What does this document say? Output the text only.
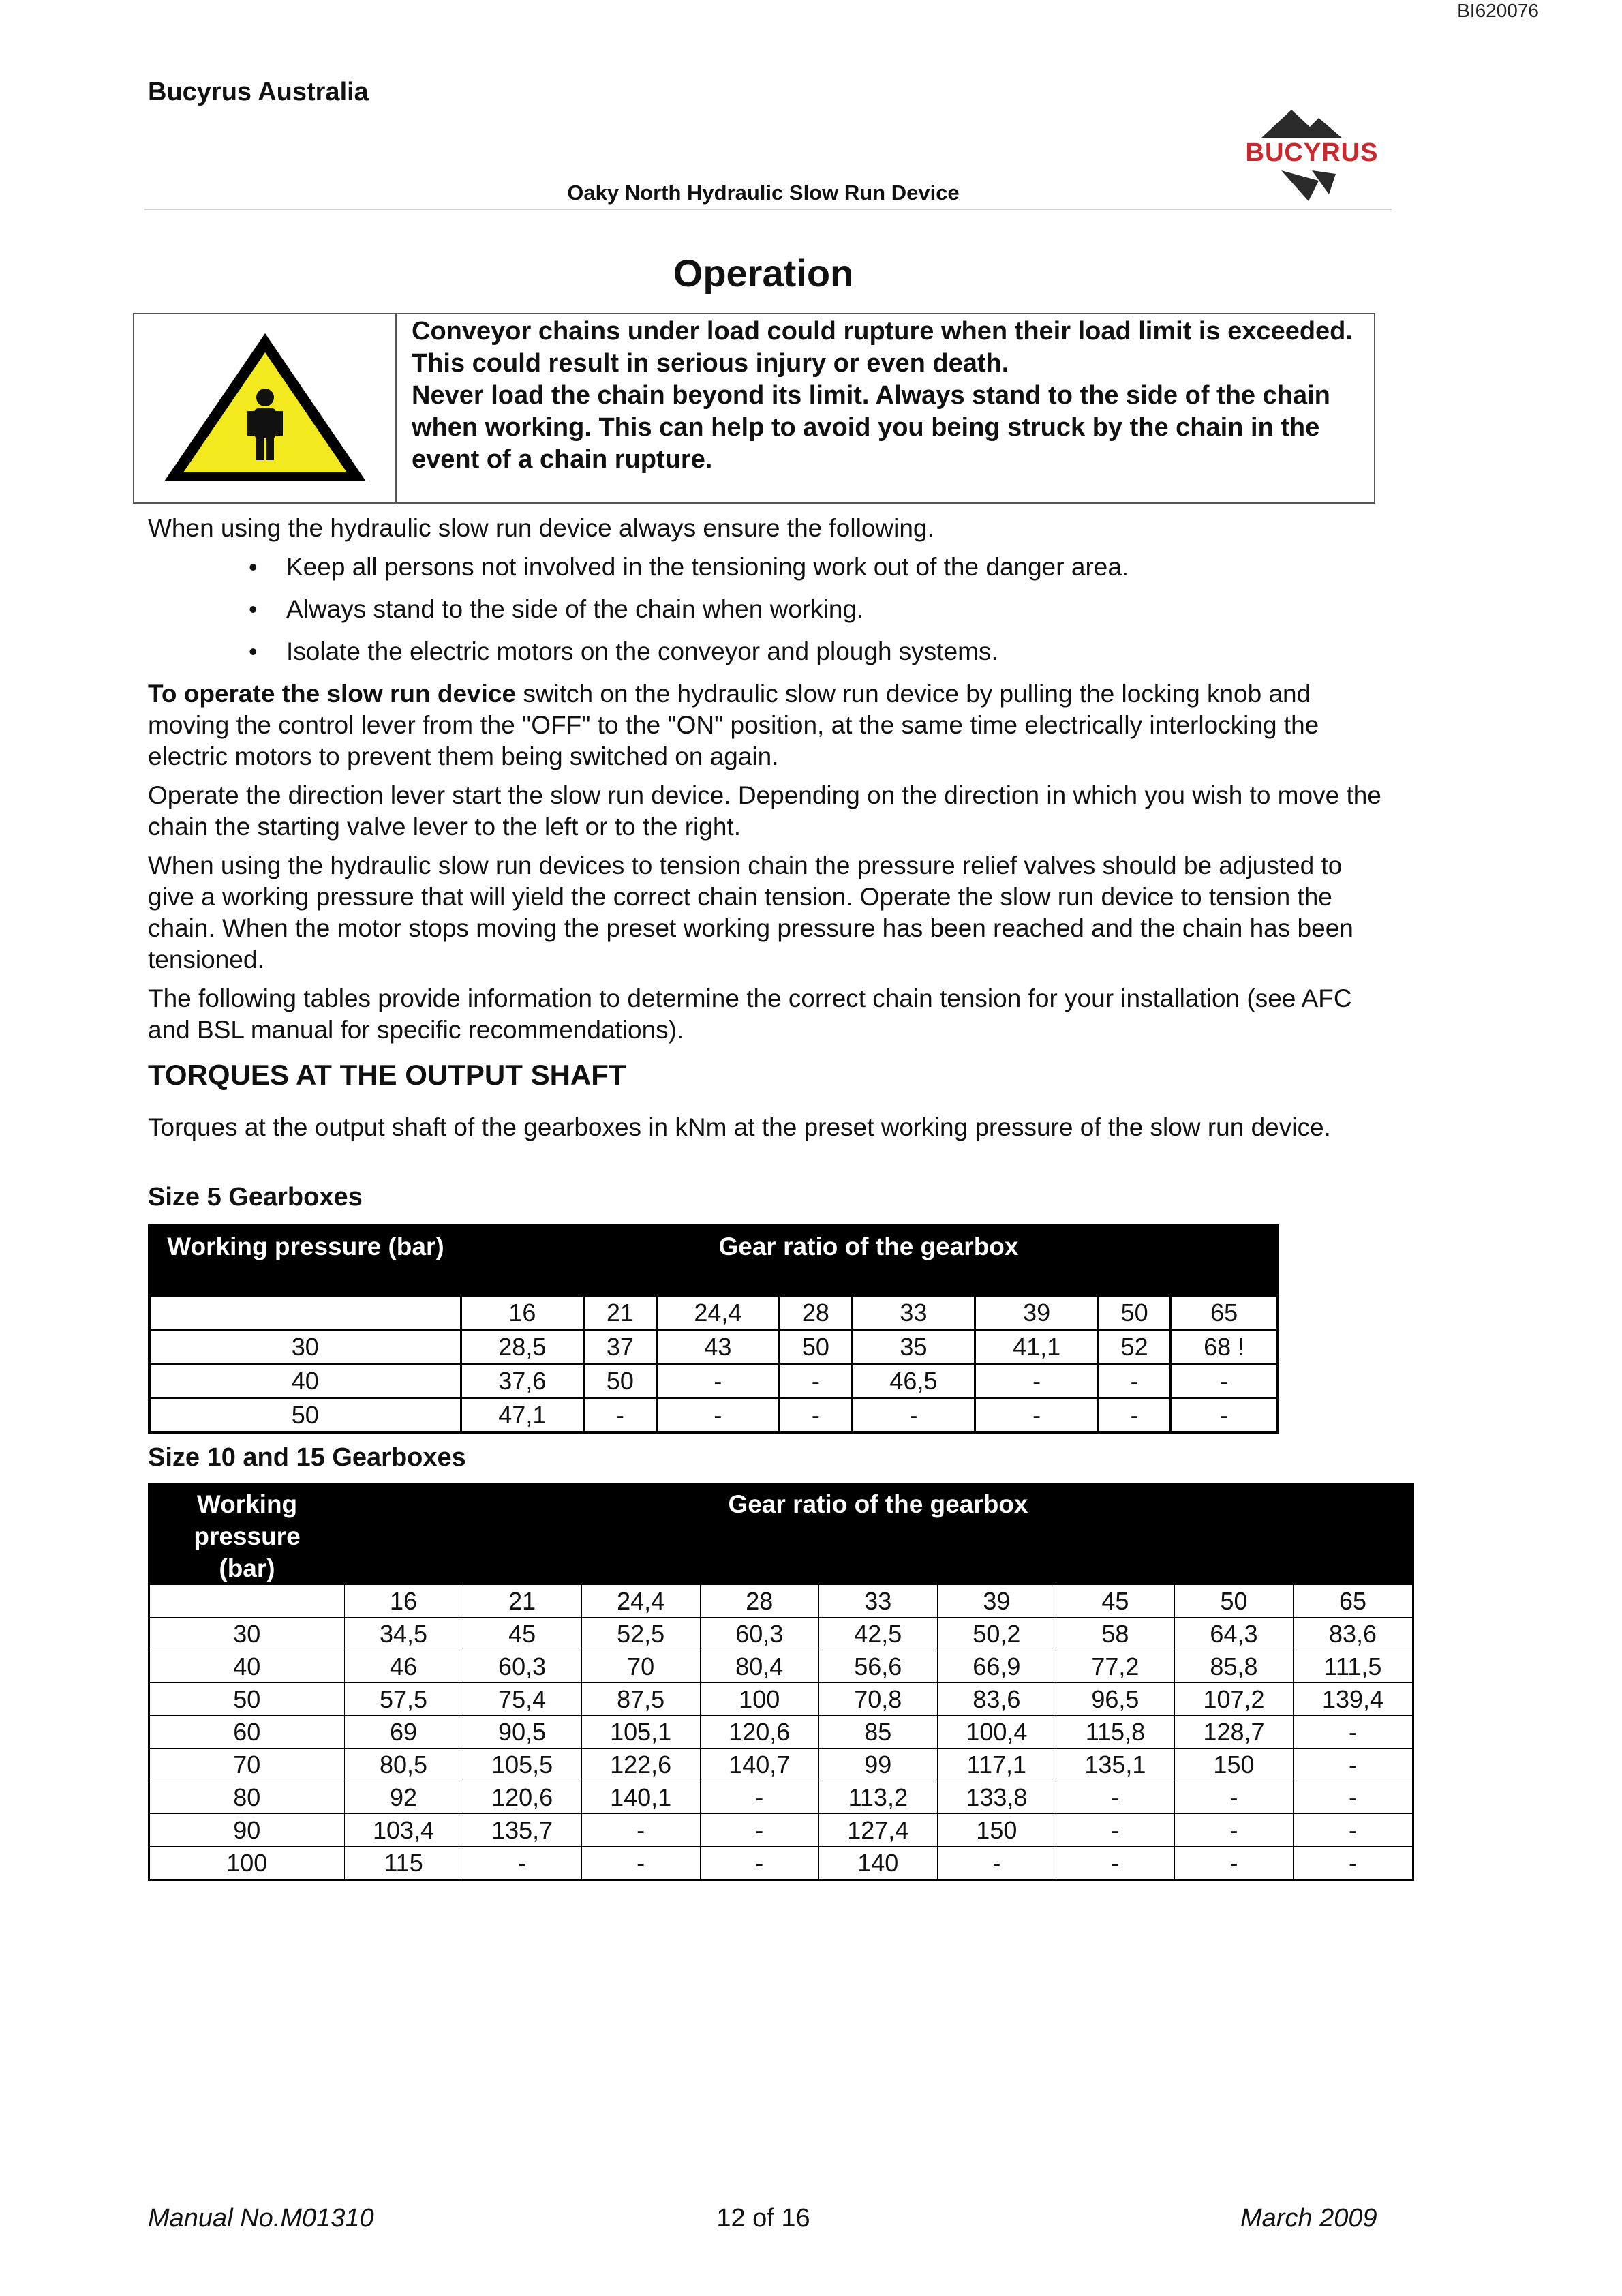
BI620076
Bucyrus Australia
BUCYRUS
Oaky North Hydraulic Slow Run Device
Operation

Conveyor chains under load could rupture when their load limit is exceeded. This could result in serious injury or even death.

Never load the chain beyond its limit. Always stand to the side of the chain when working. This can help to avoid you being struck by the chain in the event of a chain rupture.

When using the hydraulic slow run device always ensure the following.

• Keep all persons not involved in the tensioning work out of the danger area.
• Always stand to the side of the chain when working.
• Isolate the electric motors on the conveyor and plough systems.

To operate the slow run device switch on the hydraulic slow run device by pulling the locking knob and moving the control lever from the "OFF" to the "ON" position, at the same time electrically interlocking the electric motors to prevent them being switched on again.

Operate the direction lever start the slow run device. Depending on the direction in which you wish to move the chain the starting valve lever to the left or to the right.

When using the hydraulic slow run devices to tension chain the pressure relief valves should be adjusted to give a working pressure that will yield the correct chain tension. Operate the slow run device to tension the chain. When the motor stops moving the preset working pressure has been reached and the chain has been tensioned.

The following tables provide information to determine the correct chain tension for your installation (see AFC and BSL manual for specific recommendations).

TORQUES AT THE OUTPUT SHAFT
Torques at the output shaft of the gearboxes in kNm at the preset working pressure of the slow run device.
Size 5 Gearboxes
Working pressure (bar)	Gear ratio of the gearbox							
	16	21	24,4	28	33	39	50	65
30	28,5	37	43	50	35	41,1	52	68 !
40	37,6	50	-	-	46,5	-	-	-
50	47,1	-	-	-	-	-	-	-
Size 10 and 15 Gearboxes
Working pressure (bar)	Gear ratio of the gearbox								
	16	21	24,4	28	33	39	45	50	65
30	34,5	45	52,5	60,3	42,5	50,2	58	64,3	83,6
40	46	60,3	70	80,4	56,6	66,9	77,2	85,8	111,5
50	57,5	75,4	87,5	100	70,8	83,6	96,5	107,2	139,4
60	69	90,5	105,1	120,6	85	100,4	115,8	128,7	-
70	80,5	105,5	122,6	140,7	99	117,1	135,1	150	-
80	92	120,6	140,1	-	113,2	133,8	-	-	-
90	103,4	135,7	-	-	127,4	150	-	-	-
100	115	-	-	-	140	-	-	-	-
Manual No.M01310	12 of 16	March 2009
